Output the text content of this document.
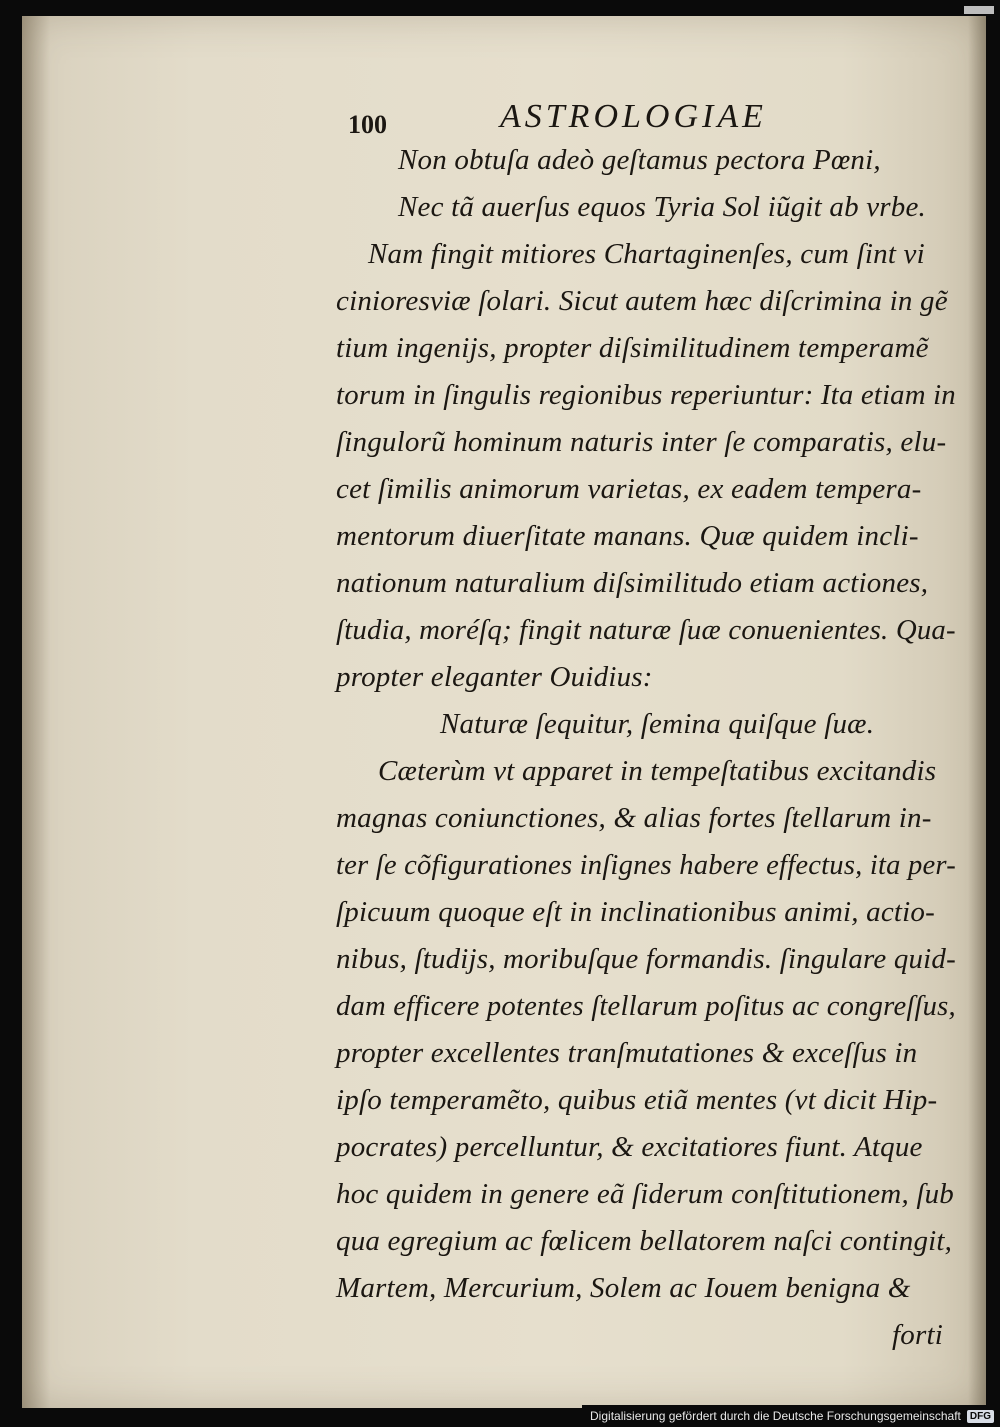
100	ASTROLOGIAE
Non obtuſa adeò geſtamus pectora Pœni,
Nec tã auerſus equos Tyria Sol iũgit ab vrbe.
Nam fingit mitiores Chartaginenſes, cum ſint vi
cinioresviæ ſolari. Sicut autem hæc diſcrimina in gẽ
tium ingenijs, propter diſsimilitudinem temperamẽ
torum in ſingulis regionibus reperiuntur: Ita etiam in
ſingulorũ hominum naturis inter ſe comparatis, elu-
cet ſimilis animorum varietas, ex eadem tempera-
mentorum diuerſitate manans. Quæ quidem incli-
nationum naturalium diſsimilitudo etiam actiones,
ſtudia, moréſq; fingit naturæ ſuæ conuenientes. Qua-
propter eleganter Ouidius:
Naturæ ſequitur, ſemina quiſque ſuæ.
Cæterùm vt apparet in tempeſtatibus excitandis
magnas coniunctiones, & alias fortes ſtellarum in-
ter ſe cõfigurationes inſignes habere effectus, ita per-
ſpicuum quoque eſt in inclinationibus animi, actio-
nibus, ſtudijs, moribuſque formandis. ſingulare quid-
dam efficere potentes ſtellarum poſitus ac congreſſus,
propter excellentes tranſmutationes & exceſſus in
ipſo temperamẽto, quibus etiã mentes (vt dicit Hip-
pocrates) percelluntur, & excitatiores fiunt. Atque
hoc quidem in genere eã ſiderum conſtitutionem, ſub
qua egregium ac fœlicem bellatorem naſci contingit,
Martem, Mercurium, Solem ac Iouem benigna &
forti
Digitalisierung gefördert durch die Deutsche Forschungsgemeinschaft DFG
